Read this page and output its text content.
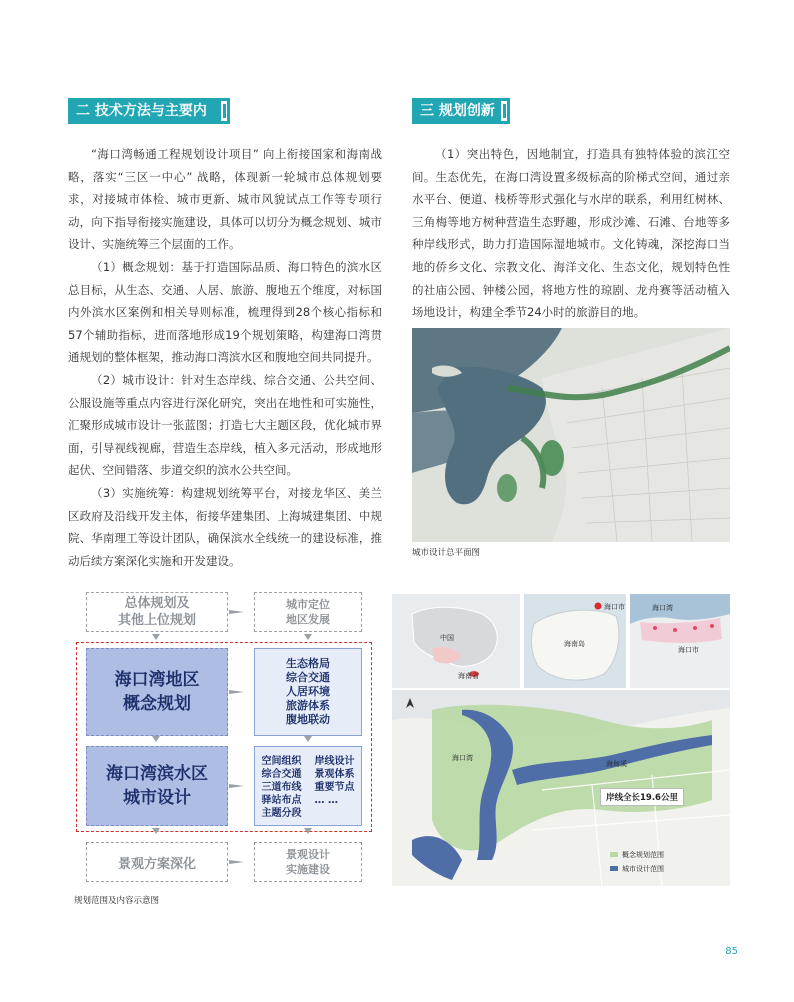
二 技术方法与主要内容
三 规划创新

“海口湾畅通工程规划设计项目” 向上衔接国家和海南战略，落实“三区一中心” 战略，体现新一轮城市总体规划要求，对接城市体检、城市更新、城市风貌试点工作等专项行动，向下指导衔接实施建设，具体可以切分为概念规划、城市设计、实施统筹三个层面的工作。

（1）概念规划：基于打造国际品质、海口特色的滨水区总目标，从生态、交通、人居、旅游、腹地五个维度，对标国内外滨水区案例和相关导则标准，梳理得到28个核心指标和57个辅助指标，进而落地形成19个规划策略，构建海口湾贯通规划的整体框架，推动海口湾滨水区和腹地空间共同提升。

（2）城市设计：针对生态岸线、综合交通、公共空间、公服设施等重点内容进行深化研究，突出在地性和可实施性，汇聚形成城市设计一张蓝图；打造七大主题区段，优化城市界面，引导视线视廊，营造生态岸线，植入多元活动，形成地形起伏、空间错落、步道交织的滨水公共空间。

（3）实施统筹：构建规划统筹平台，对接龙华区、美兰区政府及沿线开发主体，衔接华建集团、上海城建集团、中规院、华南理工等设计团队，确保滨水全线统一的建设标准，推动后续方案深化实施和开发建设。

（1）突出特色，因地制宜，打造具有独特体验的滨江空间。生态优先，在海口湾设置多级标高的阶梯式空间，通过亲水平台、便道、栈桥等形式强化与水岸的联系，利用红树林、三角梅等地方树种营造生态野趣，形成沙滩、石滩、台地等多种岸线形式，助力打造国际湿地城市。文化铸魂，深挖海口当地的侨乡文化、宗教文化、海洋文化、生态文化，规划特色性的社庙公园、钟楼公园，将地方性的琼剧、龙舟赛等活动植入场地设计，构建全季节24小时的旅游目的地。

城市设计总平面图
总体规划及
其他上位规划
城市定位
地区发展
海口湾地区
概念规划
生态格局
综合交通
人居环境
旅游体系
腹地联动
海口湾滨水区
城市设计
空间组织
综合交通
三道布线
驿站布点
主题分段
岸线设计
景观体系
重要节点
… …
景观方案深化
景观设计
实施建设
规划范围及内容示意图
中国
海南省
海口市
海南岛
海口湾
海口市
海口湾
海甸溪
概念规划范围
城市设计范围
岸线全长19.6公里
85
